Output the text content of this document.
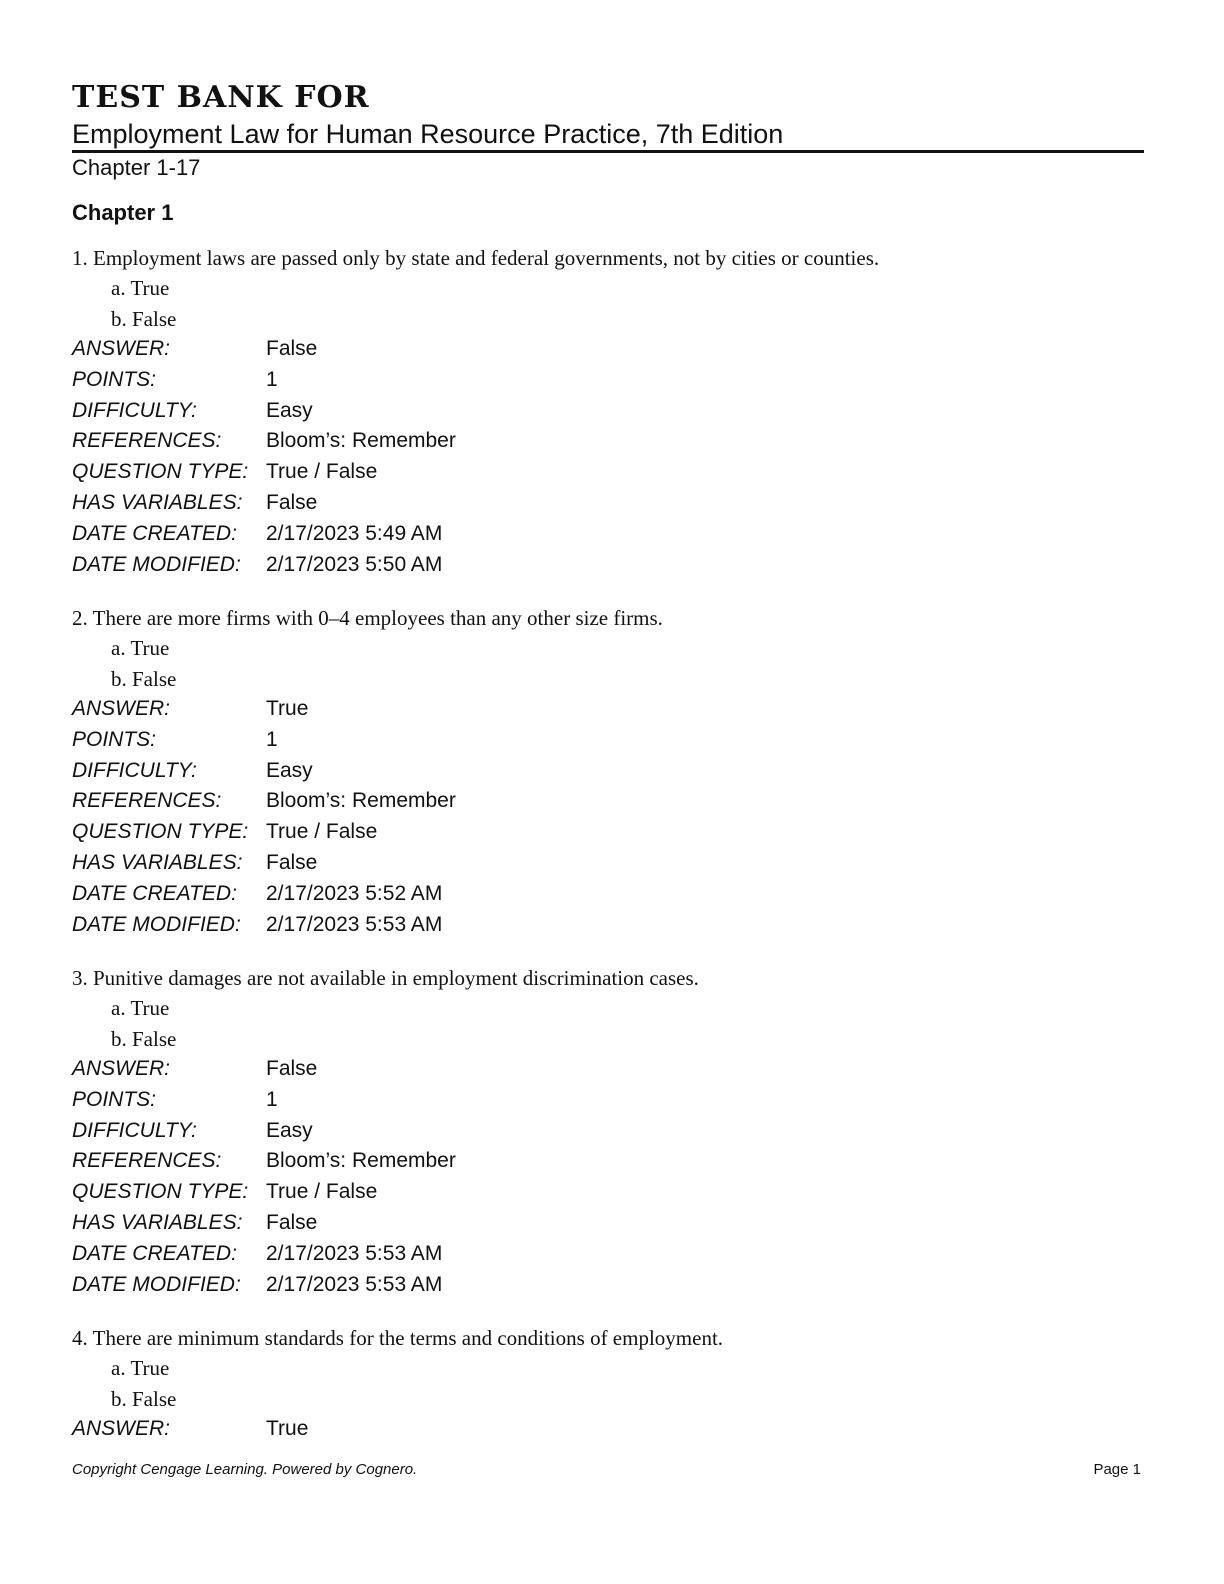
TEST BANK FOR
Employment Law for Human Resource Practice, 7th Edition
Chapter 1-17
Chapter 1
1. Employment laws are passed only by state and federal governments, not by cities or counties.
a. True
b. False
ANSWER:	False
POINTS:	1
DIFFICULTY:	Easy
REFERENCES: Bloom’s: Remember
QUESTION TYPE: True / False
HAS VARIABLES: False
DATE CREATED: 2/17/2023 5:49 AM
DATE MODIFIED: 2/17/2023 5:50 AM
2. There are more firms with 0–4 employees than any other size firms.
a. True
b. False
ANSWER:	True
POINTS:	1
DIFFICULTY:	Easy
REFERENCES: Bloom’s: Remember
QUESTION TYPE: True / False
HAS VARIABLES: False
DATE CREATED: 2/17/2023 5:52 AM
DATE MODIFIED: 2/17/2023 5:53 AM
3. Punitive damages are not available in employment discrimination cases.
a. True
b. False
ANSWER:	False
POINTS:	1
DIFFICULTY:	Easy
REFERENCES: Bloom’s: Remember
QUESTION TYPE: True / False
HAS VARIABLES: False
DATE CREATED: 2/17/2023 5:53 AM
DATE MODIFIED: 2/17/2023 5:53 AM
4. There are minimum standards for the terms and conditions of employment.
a. True
b. False
ANSWER:	True
Copyright Cengage Learning. Powered by Cognero.	Page 1
